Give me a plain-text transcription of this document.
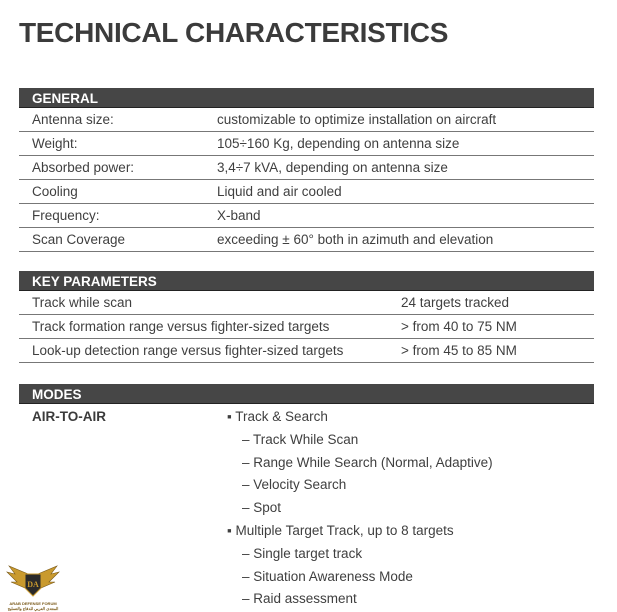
TECHNICAL CHARACTERISTICS
GENERAL
Antenna size:	customizable to optimize installation on aircraft
Weight:	105÷160 Kg, depending on antenna size
Absorbed power:	3,4÷7 kVA, depending on antenna size
Cooling	Liquid and air cooled
Frequency:	X-band
Scan Coverage	exceeding ± 60° both in azimuth and elevation
KEY PARAMETERS
Track while scan	24 targets tracked
Track formation range versus fighter-sized targets	> from 40 to 75 NM
Look-up detection range versus fighter-sized targets	> from 45 to 85 NM
MODES
AIR-TO-AIR	▪ Track & Search
– Track While Scan
– Range While Search (Normal, Adaptive)
– Velocity Search
– Spot
▪ Multiple Target Track, up to 8 targets
– Single target track
– Situation Awareness Mode
– Raid assessment
DA
ARAB DEFENSE FORUM
المنتدى العربي للدفاع والتسليح
